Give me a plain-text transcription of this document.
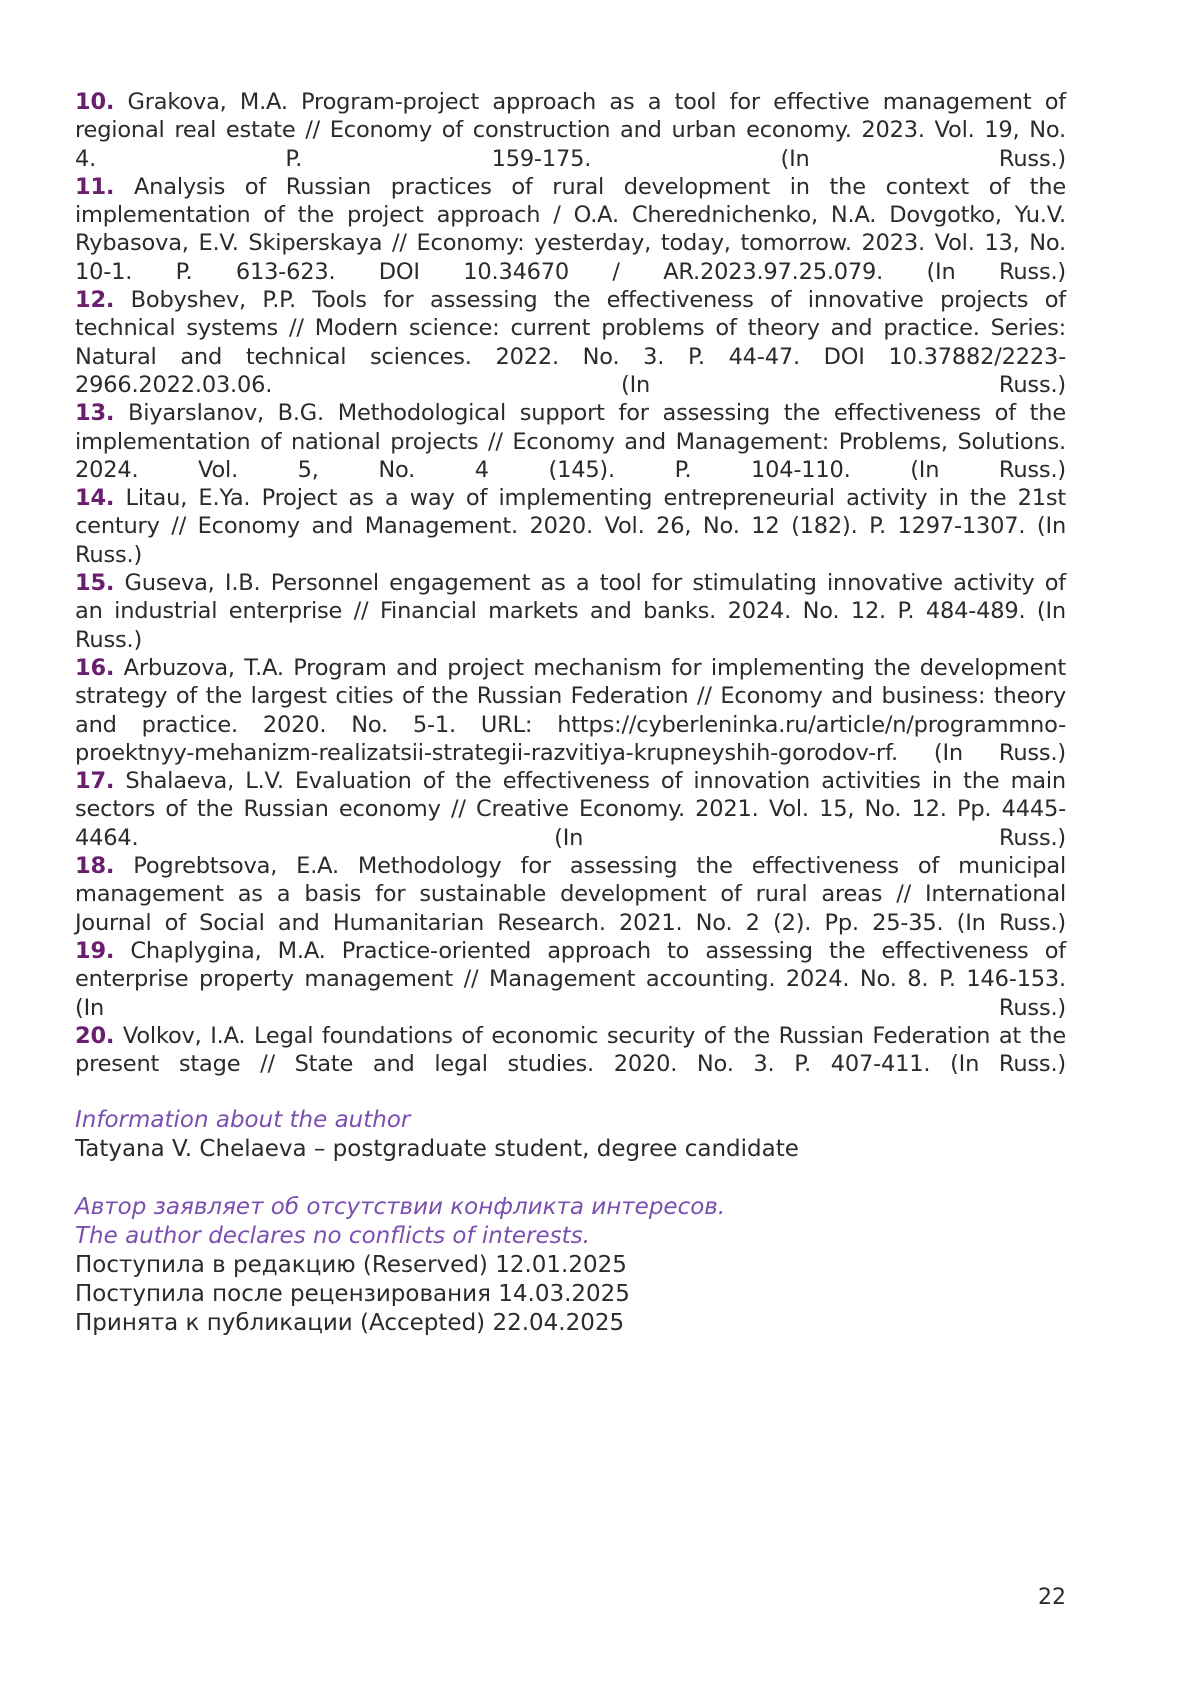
10. Grakova, M.A. Program-project approach as a tool for effective management of regional real estate // Economy of construction and urban economy. 2023. Vol. 19, No. 4. P. 159-175. (In Russ.)
11. Analysis of Russian practices of rural development in the context of the implementation of the project approach / O.A. Cherednichenko, N.A. Dovgotko, Yu.V. Rybasova, E.V. Skiperskaya // Economy: yesterday, today, tomorrow. 2023. Vol. 13, No. 10-1. P. 613-623. DOI 10.34670 / AR.2023.97.25.079. (In Russ.)
12. Bobyshev, P.P. Tools for assessing the effectiveness of innovative projects of technical systems // Modern science: current problems of theory and practice. Series: Natural and technical sciences. 2022. No. 3. P. 44-47. DOI 10.37882/2223-2966.2022.03.06. (In Russ.)
13. Biyarslanov, B.G. Methodological support for assessing the effectiveness of the implementation of national projects // Economy and Management: Problems, Solutions. 2024. Vol. 5, No. 4 (145). P. 104-110. (In Russ.)
14. Litau, E.Ya. Project as a way of implementing entrepreneurial activity in the 21st century // Economy and Management. 2020. Vol. 26, No. 12 (182). P. 1297-1307. (In Russ.)
15. Guseva, I.B. Personnel engagement as a tool for stimulating innovative activity of an industrial enterprise // Financial markets and banks. 2024. No. 12. P. 484-489. (In Russ.)
16. Arbuzova, T.A. Program and project mechanism for implementing the development strategy of the largest cities of the Russian Federation // Economy and business: theory and practice. 2020. No. 5-1. URL: https://cyberleninka.ru/article/n/programmno-proektnyy-mehanizm-realizatsii-strategii-razvitiya-krupneyshih-gorodov-rf. (In Russ.)
17. Shalaeva, L.V. Evaluation of the effectiveness of innovation activities in the main sectors of the Russian economy // Creative Economy. 2021. Vol. 15, No. 12. Pp. 4445-4464. (In Russ.)
18. Pogrebtsova, E.A. Methodology for assessing the effectiveness of municipal management as a basis for sustainable development of rural areas // International Journal of Social and Humanitarian Research. 2021. No. 2 (2). Pp. 25-35. (In Russ.)
19. Chaplygina, M.A. Practice-oriented approach to assessing the effectiveness of enterprise property management // Management accounting. 2024. No. 8. P. 146-153. (In Russ.)
20. Volkov, I.A. Legal foundations of economic security of the Russian Federation at the present stage // State and legal studies. 2020. No. 3. P. 407-411. (In Russ.)
Information about the author
Tatyana V. Chelaeva – postgraduate student, degree candidate
Автор заявляет об отсутствии конфликта интересов.
The author declares no conflicts of interests.
Поступила в редакцию (Reserved) 12.01.2025
Поступила после рецензирования 14.03.2025
Принята к публикации (Accepted) 22.04.2025
22
